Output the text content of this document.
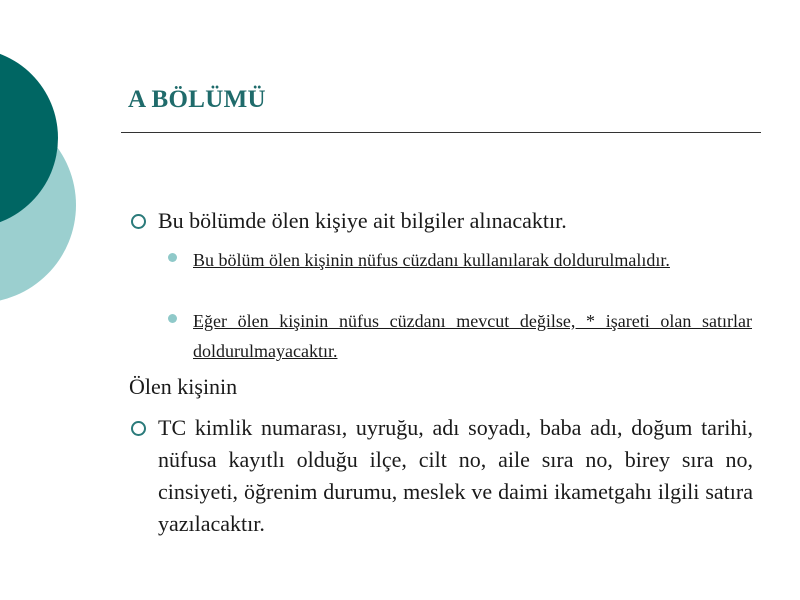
A BÖLÜMÜ
Bu bölümde ölen kişiye ait bilgiler alınacaktır.
Bu bölüm ölen kişinin nüfus cüzdanı kullanılarak doldurulmalıdır.
Eğer ölen kişinin nüfus cüzdanı mevcut değilse, * işareti olan satırlar doldurulmayacaktır.
Ölen kişinin
TC kimlik numarası, uyruğu, adı soyadı, baba adı, doğum tarihi, nüfusa kayıtlı olduğu ilçe, cilt no, aile sıra no, birey sıra no, cinsiyeti, öğrenim durumu, meslek ve daimi ikametgahı ilgili satıra yazılacaktır.
